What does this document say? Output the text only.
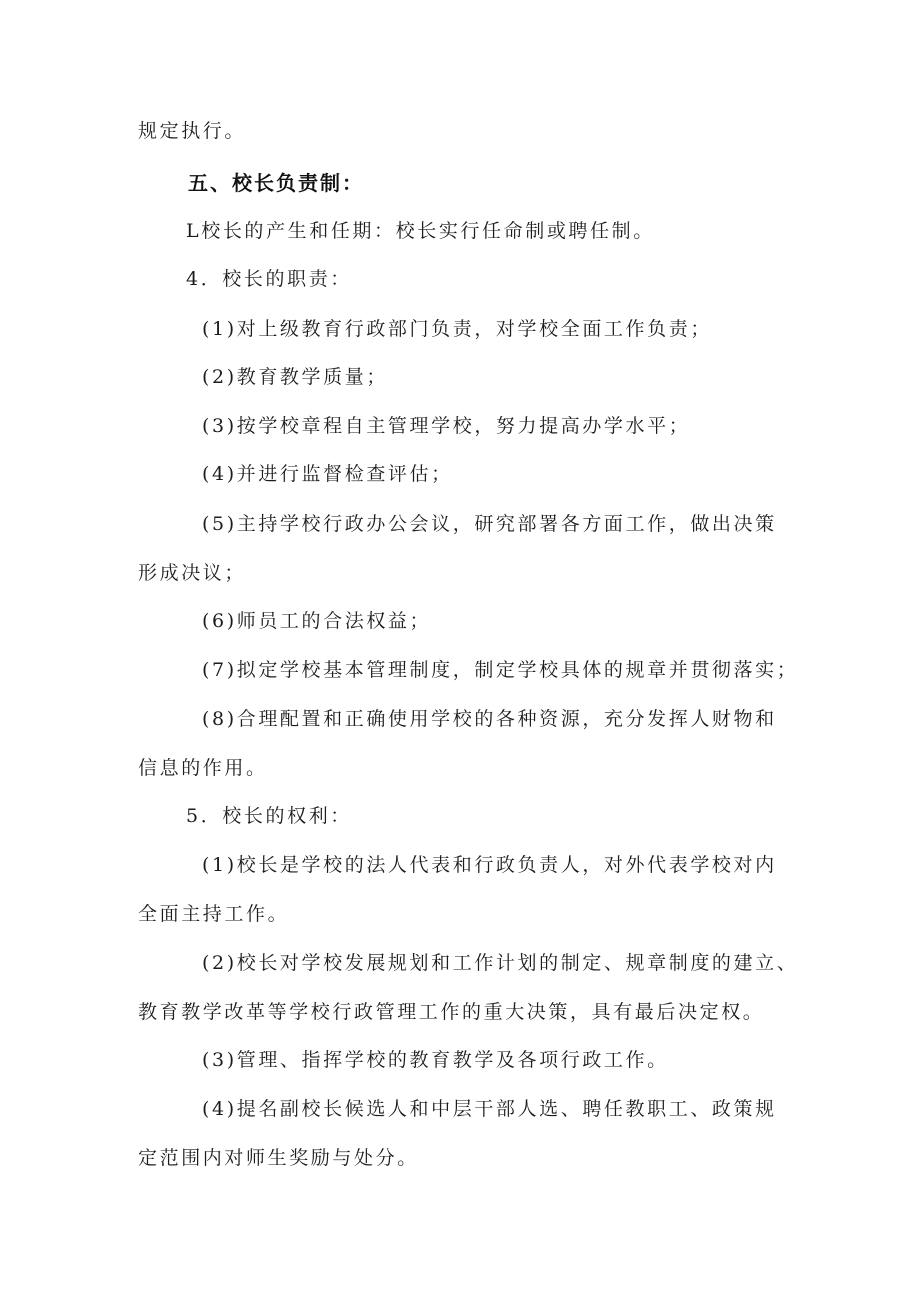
规定执行。
五、校长负责制：
L校长的产生和任期：校长实行任命制或聘任制。
4．校长的职责：
(1)对上级教育行政部门负责，对学校全面工作负责；
(2)教育教学质量；
(3)按学校章程自主管理学校，努力提高办学水平；
(4)并进行监督检查评估；
(5)主持学校行政办公会议，研究部署各方面工作，做出决策
形成决议；
(6)师员工的合法权益；
(7)拟定学校基本管理制度，制定学校具体的规章并贯彻落实；
(8)合理配置和正确使用学校的各种资源，充分发挥人财物和
信息的作用。
5．校长的权利：
(1)校长是学校的法人代表和行政负责人，对外代表学校对内
全面主持工作。
(2)校长对学校发展规划和工作计划的制定、规章制度的建立、
教育教学改革等学校行政管理工作的重大决策，具有最后决定权。
(3)管理、指挥学校的教育教学及各项行政工作。
(4)提名副校长候选人和中层干部人选、聘任教职工、政策规
定范围内对师生奖励与处分。
